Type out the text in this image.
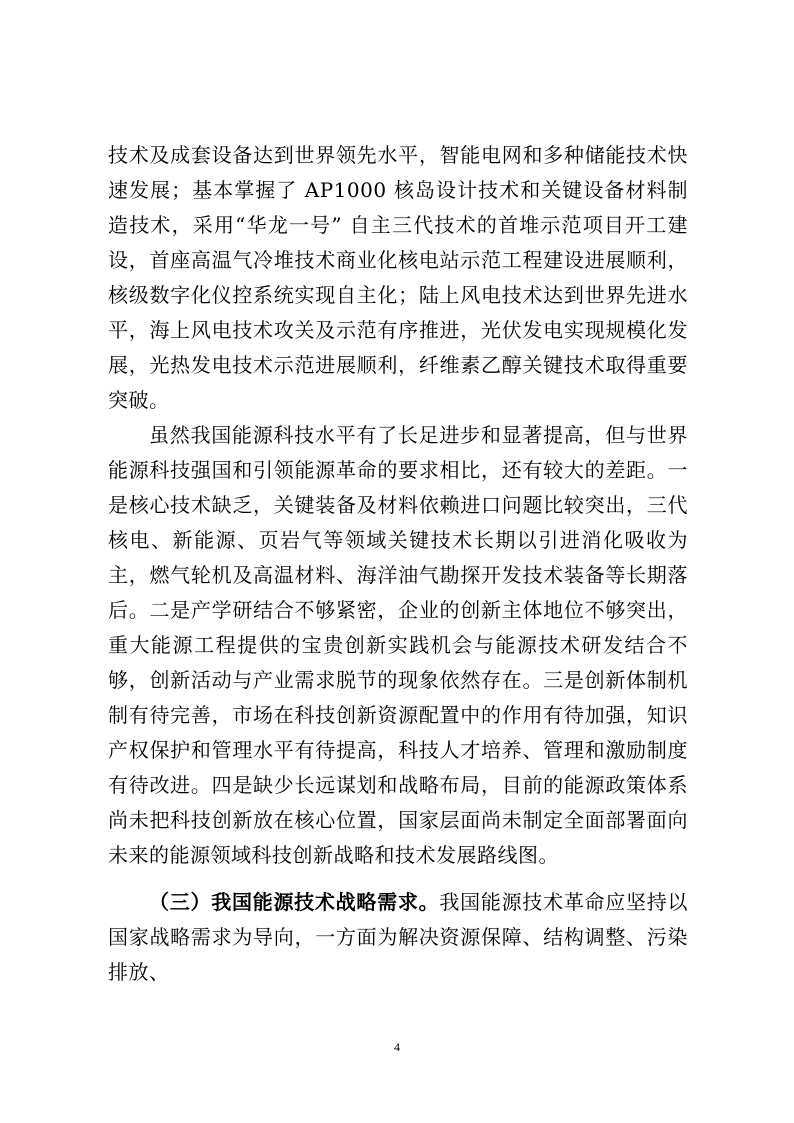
技术及成套设备达到世界领先水平，智能电网和多种储能技术快速发展；基本掌握了 AP1000 核岛设计技术和关键设备材料制造技术，采用“华龙一号” 自主三代技术的首堆示范项目开工建设，首座高温气冷堆技术商业化核电站示范工程建设进展顺利，核级数字化仪控系统实现自主化；陆上风电技术达到世界先进水平，海上风电技术攻关及示范有序推进，光伏发电实现规模化发展，光热发电技术示范进展顺利，纤维素乙醇关键技术取得重要突破。

虽然我国能源科技水平有了长足进步和显著提高，但与世界能源科技强国和引领能源革命的要求相比，还有较大的差距。一是核心技术缺乏，关键装备及材料依赖进口问题比较突出，三代核电、新能源、页岩气等领域关键技术长期以引进消化吸收为主，燃气轮机及高温材料、海洋油气勘探开发技术装备等长期落后。二是产学研结合不够紧密，企业的创新主体地位不够突出，重大能源工程提供的宝贵创新实践机会与能源技术研发结合不够，创新活动与产业需求脱节的现象依然存在。三是创新体制机制有待完善，市场在科技创新资源配置中的作用有待加强，知识产权保护和管理水平有待提高，科技人才培养、管理和激励制度有待改进。四是缺少长远谋划和战略布局，目前的能源政策体系尚未把科技创新放在核心位置，国家层面尚未制定全面部署面向未来的能源领域科技创新战略和技术发展路线图。

（三）我国能源技术战略需求。我国能源技术革命应坚持以国家战略需求为导向，一方面为解决资源保障、结构调整、污染排放、

4
